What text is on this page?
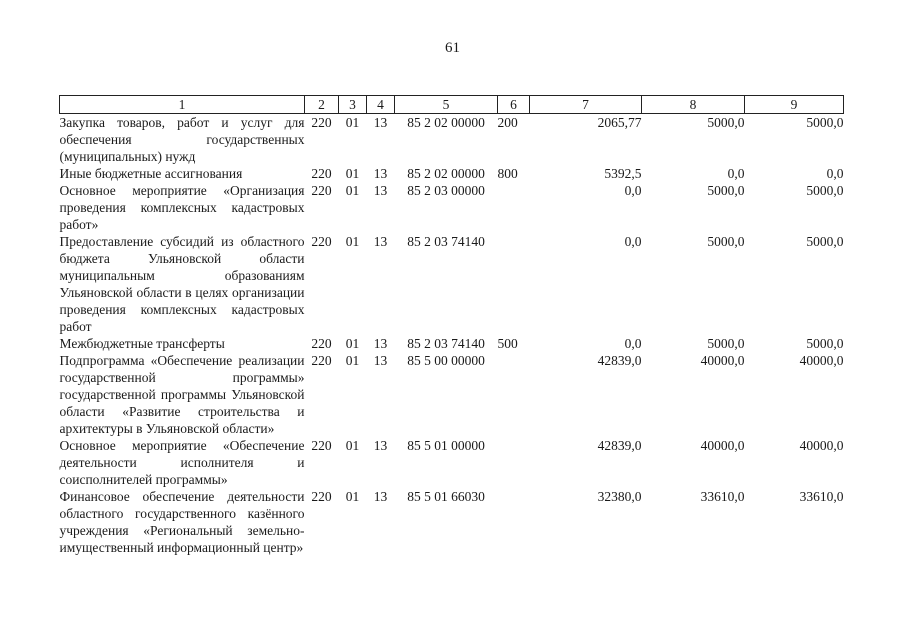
61
1	2	3	4	5	6	7	8	9
Закупка товаров, работ и услуг для обеспечения государственных (муниципальных) нужд	220	01	13	85 2 02 00000	200	2065,77	5000,0	5000,0
Иные бюджетные ассигнования	220	01	13	85 2 02 00000	800	5392,5	0,0	0,0
Основное мероприятие «Организация проведения комплексных кадастровых работ»	220	01	13	85 2 03 00000		0,0	5000,0	5000,0
Предоставление субсидий из областного бюджета Ульяновской области муниципальным образованиям Ульяновской области в целях организации проведения комплексных кадастровых работ	220	01	13	85 2 03 74140		0,0	5000,0	5000,0
Межбюджетные трансферты	220	01	13	85 2 03 74140	500	0,0	5000,0	5000,0
Подпрограмма «Обеспечение реализации государственной программы» государственной программы Ульяновской области «Развитие строительства и архитектуры в Ульяновской области»	220	01	13	85 5 00 00000		42839,0	40000,0	40000,0
Основное мероприятие «Обеспечение деятельности исполнителя и соисполнителей программы»	220	01	13	85 5 01 00000		42839,0	40000,0	40000,0
Финансовое обеспечение деятельности областного государственного казённого учреждения «Региональный земельно-имущественный информационный центр»	220	01	13	85 5 01 66030		32380,0	33610,0	33610,0
